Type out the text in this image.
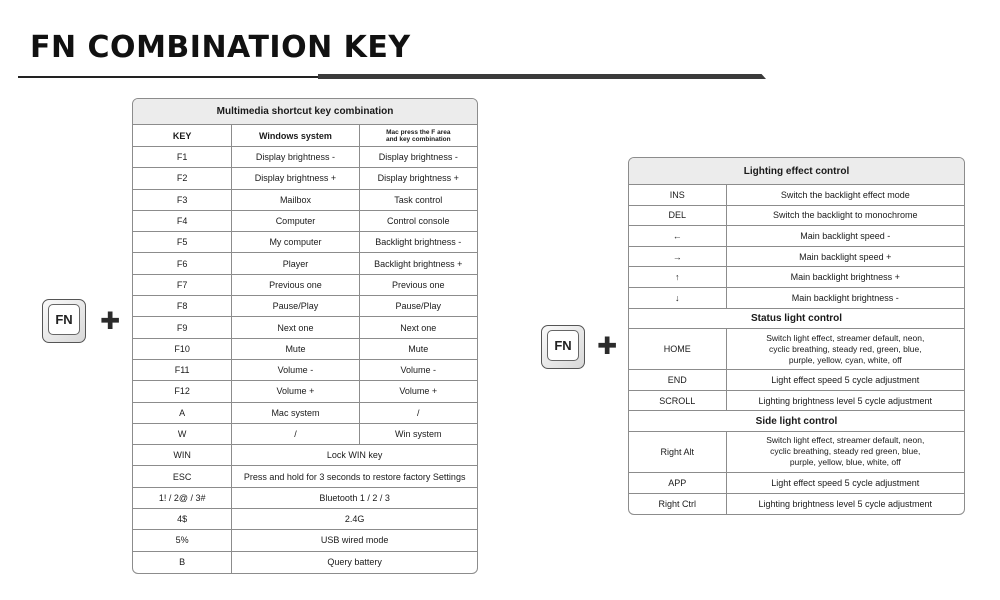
FN COMBINATION KEY
FN	✚
FN	✚
Multimedia shortcut key combination		
KEY	Windows system	Mac press the F area
and key combination
F1	Display brightness -	Display brightness -
F2	Display brightness +	Display brightness +
F3	Mailbox	Task control
F4	Computer	Control console
F5	My computer	Backlight brightness -
F6	Player	Backlight brightness +
F7	Previous one	Previous one
F8	Pause/Play	Pause/Play
F9	Next one	Next one
F10	Mute	Mute
F11	Volume -	Volume -
F12	Volume +	Volume +
A	Mac system	/
W	/	Win system
WIN	Lock WIN key	
ESC	Press and hold for 3 seconds to restore factory Settings	
1! / 2@ / 3#	Bluetooth 1 / 2 / 3	
4$	2.4G	
5%	USB wired mode	
B	Query battery	
Lighting effect control	
INS	Switch the backlight effect mode
DEL	Switch the backlight to monochrome
←	Main backlight speed -
→	Main backlight speed +
↑	Main backlight brightness +
↓	Main backlight brightness -
Status light control	
HOME	Switch light effect, streamer default, neon,
cyclic breathing, steady red, green, blue,
purple, yellow, cyan, white, off
END	Light effect speed 5 cycle adjustment
SCROLL	Lighting brightness level 5 cycle adjustment
Side light control	
Right Alt	Switch light effect, streamer default, neon,
cyclic breathing, steady red green, blue,
purple, yellow, blue, white, off
APP	Light effect speed 5 cycle adjustment
Right Ctrl	Lighting brightness level 5 cycle adjustment
